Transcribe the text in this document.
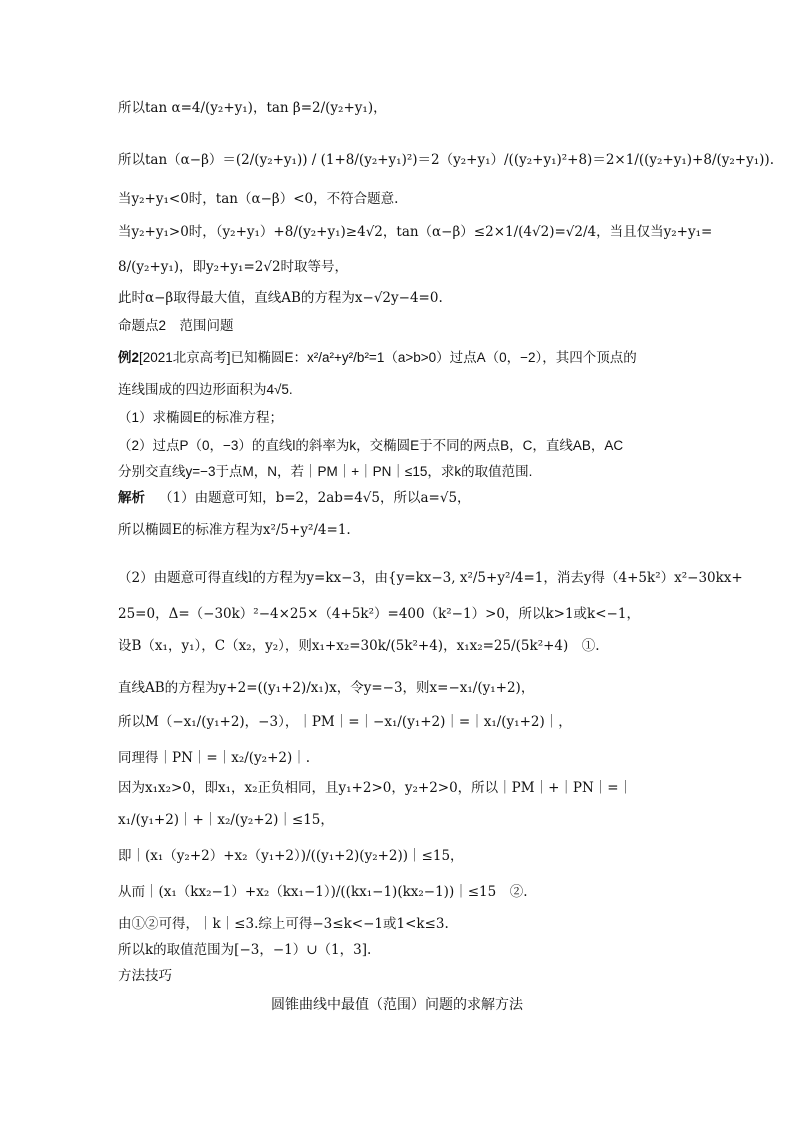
所以tan α=4/(y₂+y₁)，tan β=2/(y₂+y₁)，
所以tan（α−β）＝(2/(y₂+y₁)) / (1+8/(y₂+y₁)²)＝2（y₂+y₁）/((y₂+y₁)²+8)＝2×1/((y₂+y₁)+8/(y₂+y₁)).
当y₂+y₁<0时，tan（α−β）<0，不符合题意.
当y₂+y₁>0时，（y₂+y₁）+8/(y₂+y₁)≥4√2，tan（α−β）≤2×1/(4√2)=√2/4，当且仅当y₂+y₁=
8/(y₂+y₁)，即y₂+y₁=2√2时取等号，
此时α−β取得最大值，直线AB的方程为x−√2y−4=0.
命题点2　范围问题
例2 [2021北京高考]已知椭圆E：x²/a²+y²/b²=1（a>b>0）过点A（0，−2），其四个顶点的
连线围成的四边形面积为4√5.
（1）求椭圆E的标准方程；
（2）过点P（0，−3）的直线l的斜率为k，交椭圆E于不同的两点B，C，直线AB，AC
分别交直线y=−3于点M，N，若｜PM｜+｜PN｜≤15，求k的取值范围.
解析 （1）由题意可知，b=2，2ab=4√5，所以a=√5，
所以椭圆E的标准方程为x²/5+y²/4=1.
（2）由题意可得直线l的方程为y=kx−3，由{y=kx−3, x²/5+y²/4=1，消去y得（4+5k²）x²−30kx+
25=0，Δ=（−30k）²−4×25×（4+5k²）=400（k²−1）>0，所以k>1或k<−1，
设B（x₁，y₁），C（x₂，y₂），则x₁+x₂=30k/(5k²+4)，x₁x₂=25/(5k²+4)　①.
直线AB的方程为y+2=((y₁+2)/x₁)x，令y=−3，则x=−x₁/(y₁+2)，
所以M（−x₁/(y₁+2)，−3），｜PM｜=｜−x₁/(y₁+2)｜=｜x₁/(y₁+2)｜，
同理得｜PN｜=｜x₂/(y₂+2)｜.
因为x₁x₂>0，即x₁，x₂正负相同，且y₁+2>0，y₂+2>0，所以｜PM｜+｜PN｜=｜
x₁/(y₁+2)｜+｜x₂/(y₂+2)｜≤15，
即｜(x₁（y₂+2）+x₂（y₁+2）)/((y₁+2)(y₂+2))｜≤15，
从而｜(x₁（kx₂−1）+x₂（kx₁−1）)/((kx₁−1)(kx₂−1))｜≤15　②.
由①②可得，｜k｜≤3.综上可得−3≤k<−1或1<k≤3.
所以k的取值范围为[−3，−1）∪（1，3].
方法技巧
圆锥曲线中最值（范围）问题的求解方法
